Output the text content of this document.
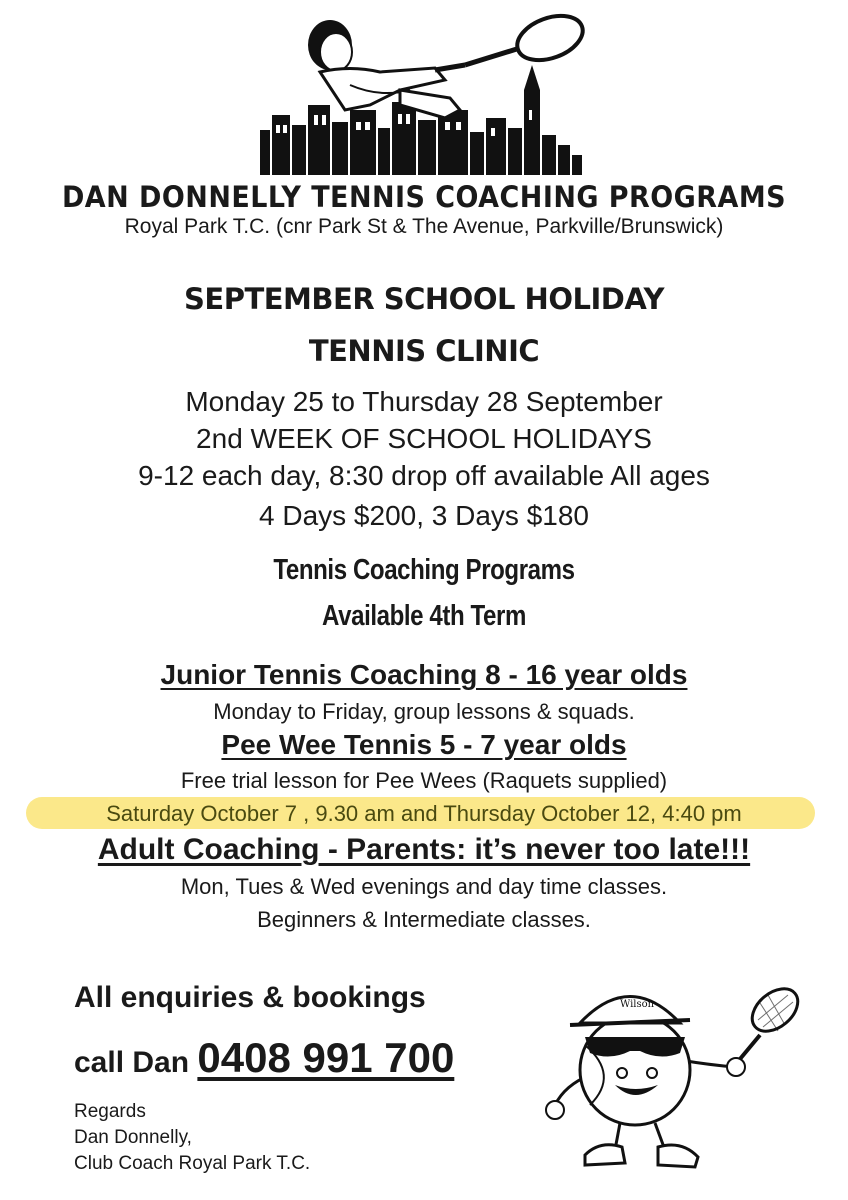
DAN DONNELLY TENNIS COACHING PROGRAMS
Royal Park T.C. (cnr Park St & The Avenue, Parkville/Brunswick)
SEPTEMBER SCHOOL HOLIDAY
TENNIS CLINIC
Monday 25 to Thursday 28 September
2nd WEEK OF SCHOOL HOLIDAYS
9-12 each day, 8:30 drop off available All ages
4 Days $200, 3 Days $180
Tennis Coaching Programs
Available 4th Term
Junior Tennis Coaching 8 - 16 year olds
Monday to Friday, group lessons & squads.
Pee Wee Tennis 5 - 7 year olds
Free trial lesson for Pee Wees (Raquets supplied)
Saturday October 7 , 9.30 am and Thursday October 12, 4:40 pm
Adult Coaching - Parents: it’s never too late!!!
Mon, Tues & Wed evenings and day time classes.
Beginners & Intermediate classes.
All enquiries & bookings
call Dan 0408 991 700
Regards
Dan Donnelly,
Club Coach Royal Park T.C.
Wilson
